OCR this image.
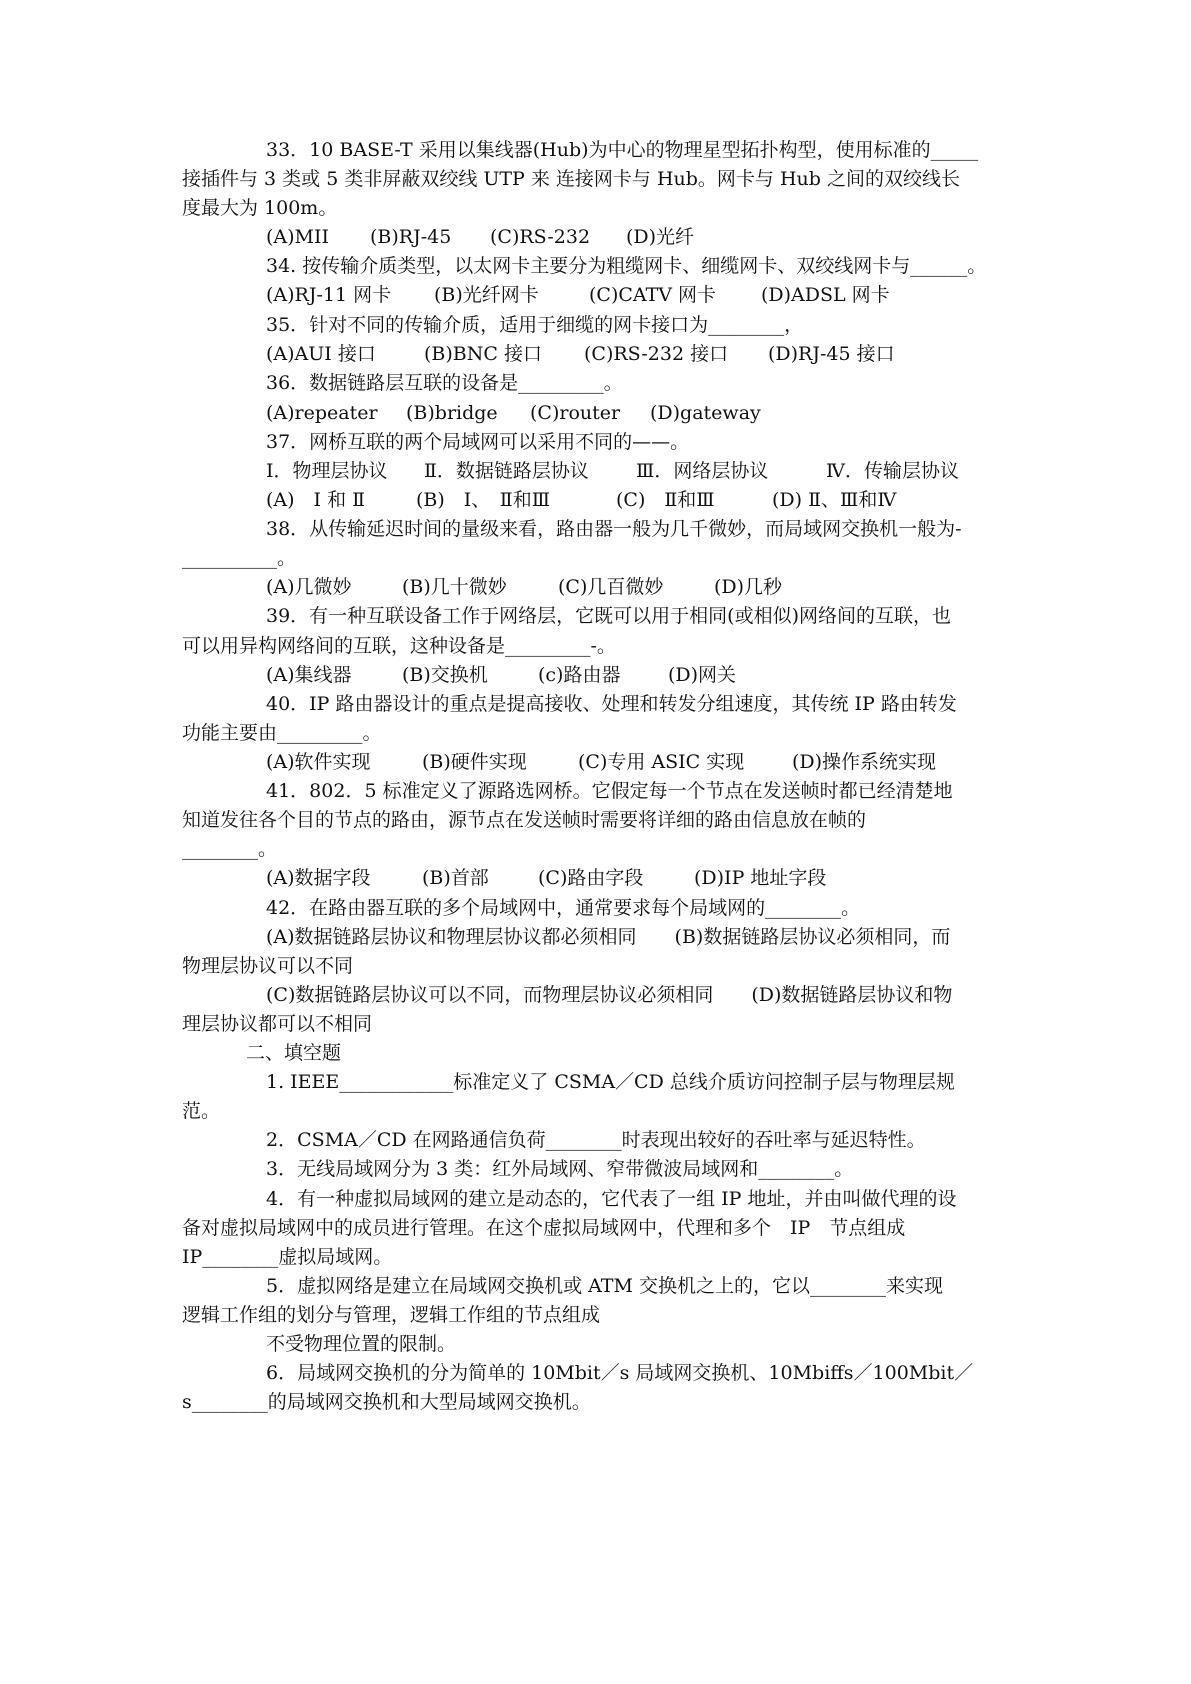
33．10 BASE-T 采用以集线器(Hub)为中心的物理星型拓扑构型，使用标准的_____
接插件与 3 类或 5 类非屏蔽双绞线 UTP 来 连接网卡与 Hub。网卡与 Hub 之间的双绞线长
度最大为 100m。
(A)MII (B)RJ-45 (C)RS-232 (D)光纤
34. 按传输介质类型，以太网卡主要分为粗缆网卡、细缆网卡、双绞线网卡与______。
(A)RJ-11 网卡 (B)光纤网卡	(C)CATV 网卡 (D)ADSL 网卡
35．针对不同的传输介质，适用于细缆的网卡接口为________，
(A)AUI 接口	(B)BNC 接口 (C)RS-232 接口 (D)RJ-45 接口
36．数据链路层互联的设备是_________。
(A)repeater (B)bridge (C)router (D)gateway
37．网桥互联的两个局域网可以采用不同的——。
I．物理层协议 Ⅱ．数据链路层协议 Ⅲ．网络层协议	Ⅳ．传输层协议
(A)　I 和 Ⅱ	(B)　I、　Ⅱ和Ⅲ	(C)　Ⅱ和Ⅲ	(D) Ⅱ、Ⅲ和Ⅳ
38．从传输延迟时间的量级来看，路由器一般为几千微妙，而局域网交换机一般为-
__________。
(A)几微妙	(B)几十微妙	(C)几百微妙	(D)几秒
39．有一种互联设备工作于网络层，它既可以用于相同(或相似)网络间的互联，也
可以用异构网络间的互联，这种设备是_________-。
(A)集线器	(B)交换机	(c)路由器	(D)网关
40．IP 路由器设计的重点是提高接收、处理和转发分组速度，其传统 IP 路由转发
功能主要由_________。
(A)软件实现	(B)硬件实现	(C)专用 ASIC 实现	(D)操作系统实现
41．802．5 标准定义了源路选网桥。它假定每一个节点在发送帧时都已经清楚地
知道发往各个目的节点的路由，源节点在发送帧时需要将详细的路由信息放在帧的
________。
(A)数据字段	(B)首部	(C)路由字段	(D)IP 地址字段
42．在路由器互联的多个局域网中，通常要求每个局域网的________。
(A)数据链路层协议和物理层协议都必须相同　　(B)数据链路层协议必须相同，而
物理层协议可以不同
(C)数据链路层协议可以不同，而物理层协议必须相同　　(D)数据链路层协议和物
理层协议都可以不相同
二、填空题
1. IEEE____________标准定义了 CSMA／CD 总线介质访问控制子层与物理层规
范。
2．CSMA／CD 在网路通信负荷________时表现出较好的吞吐率与延迟特性。
3．无线局域网分为 3 类：红外局域网、窄带微波局域网和________。
4．有一种虚拟局域网的建立是动态的，它代表了一组 IP 地址，并由叫做代理的设
备对虚拟局域网中的成员进行管理。在这个虚拟局域网中，代理和多个　IP　节点组成
IP________虚拟局域网。
5．虚拟网络是建立在局域网交换机或 ATM 交换机之上的，它以________来实现
逻辑工作组的划分与管理，逻辑工作组的节点组成
不受物理位置的限制。
6．局域网交换机的分为简单的 10Mbit／s 局域网交换机、10Mbiffs／100Mbit／
s________的局域网交换机和大型局域网交换机。
